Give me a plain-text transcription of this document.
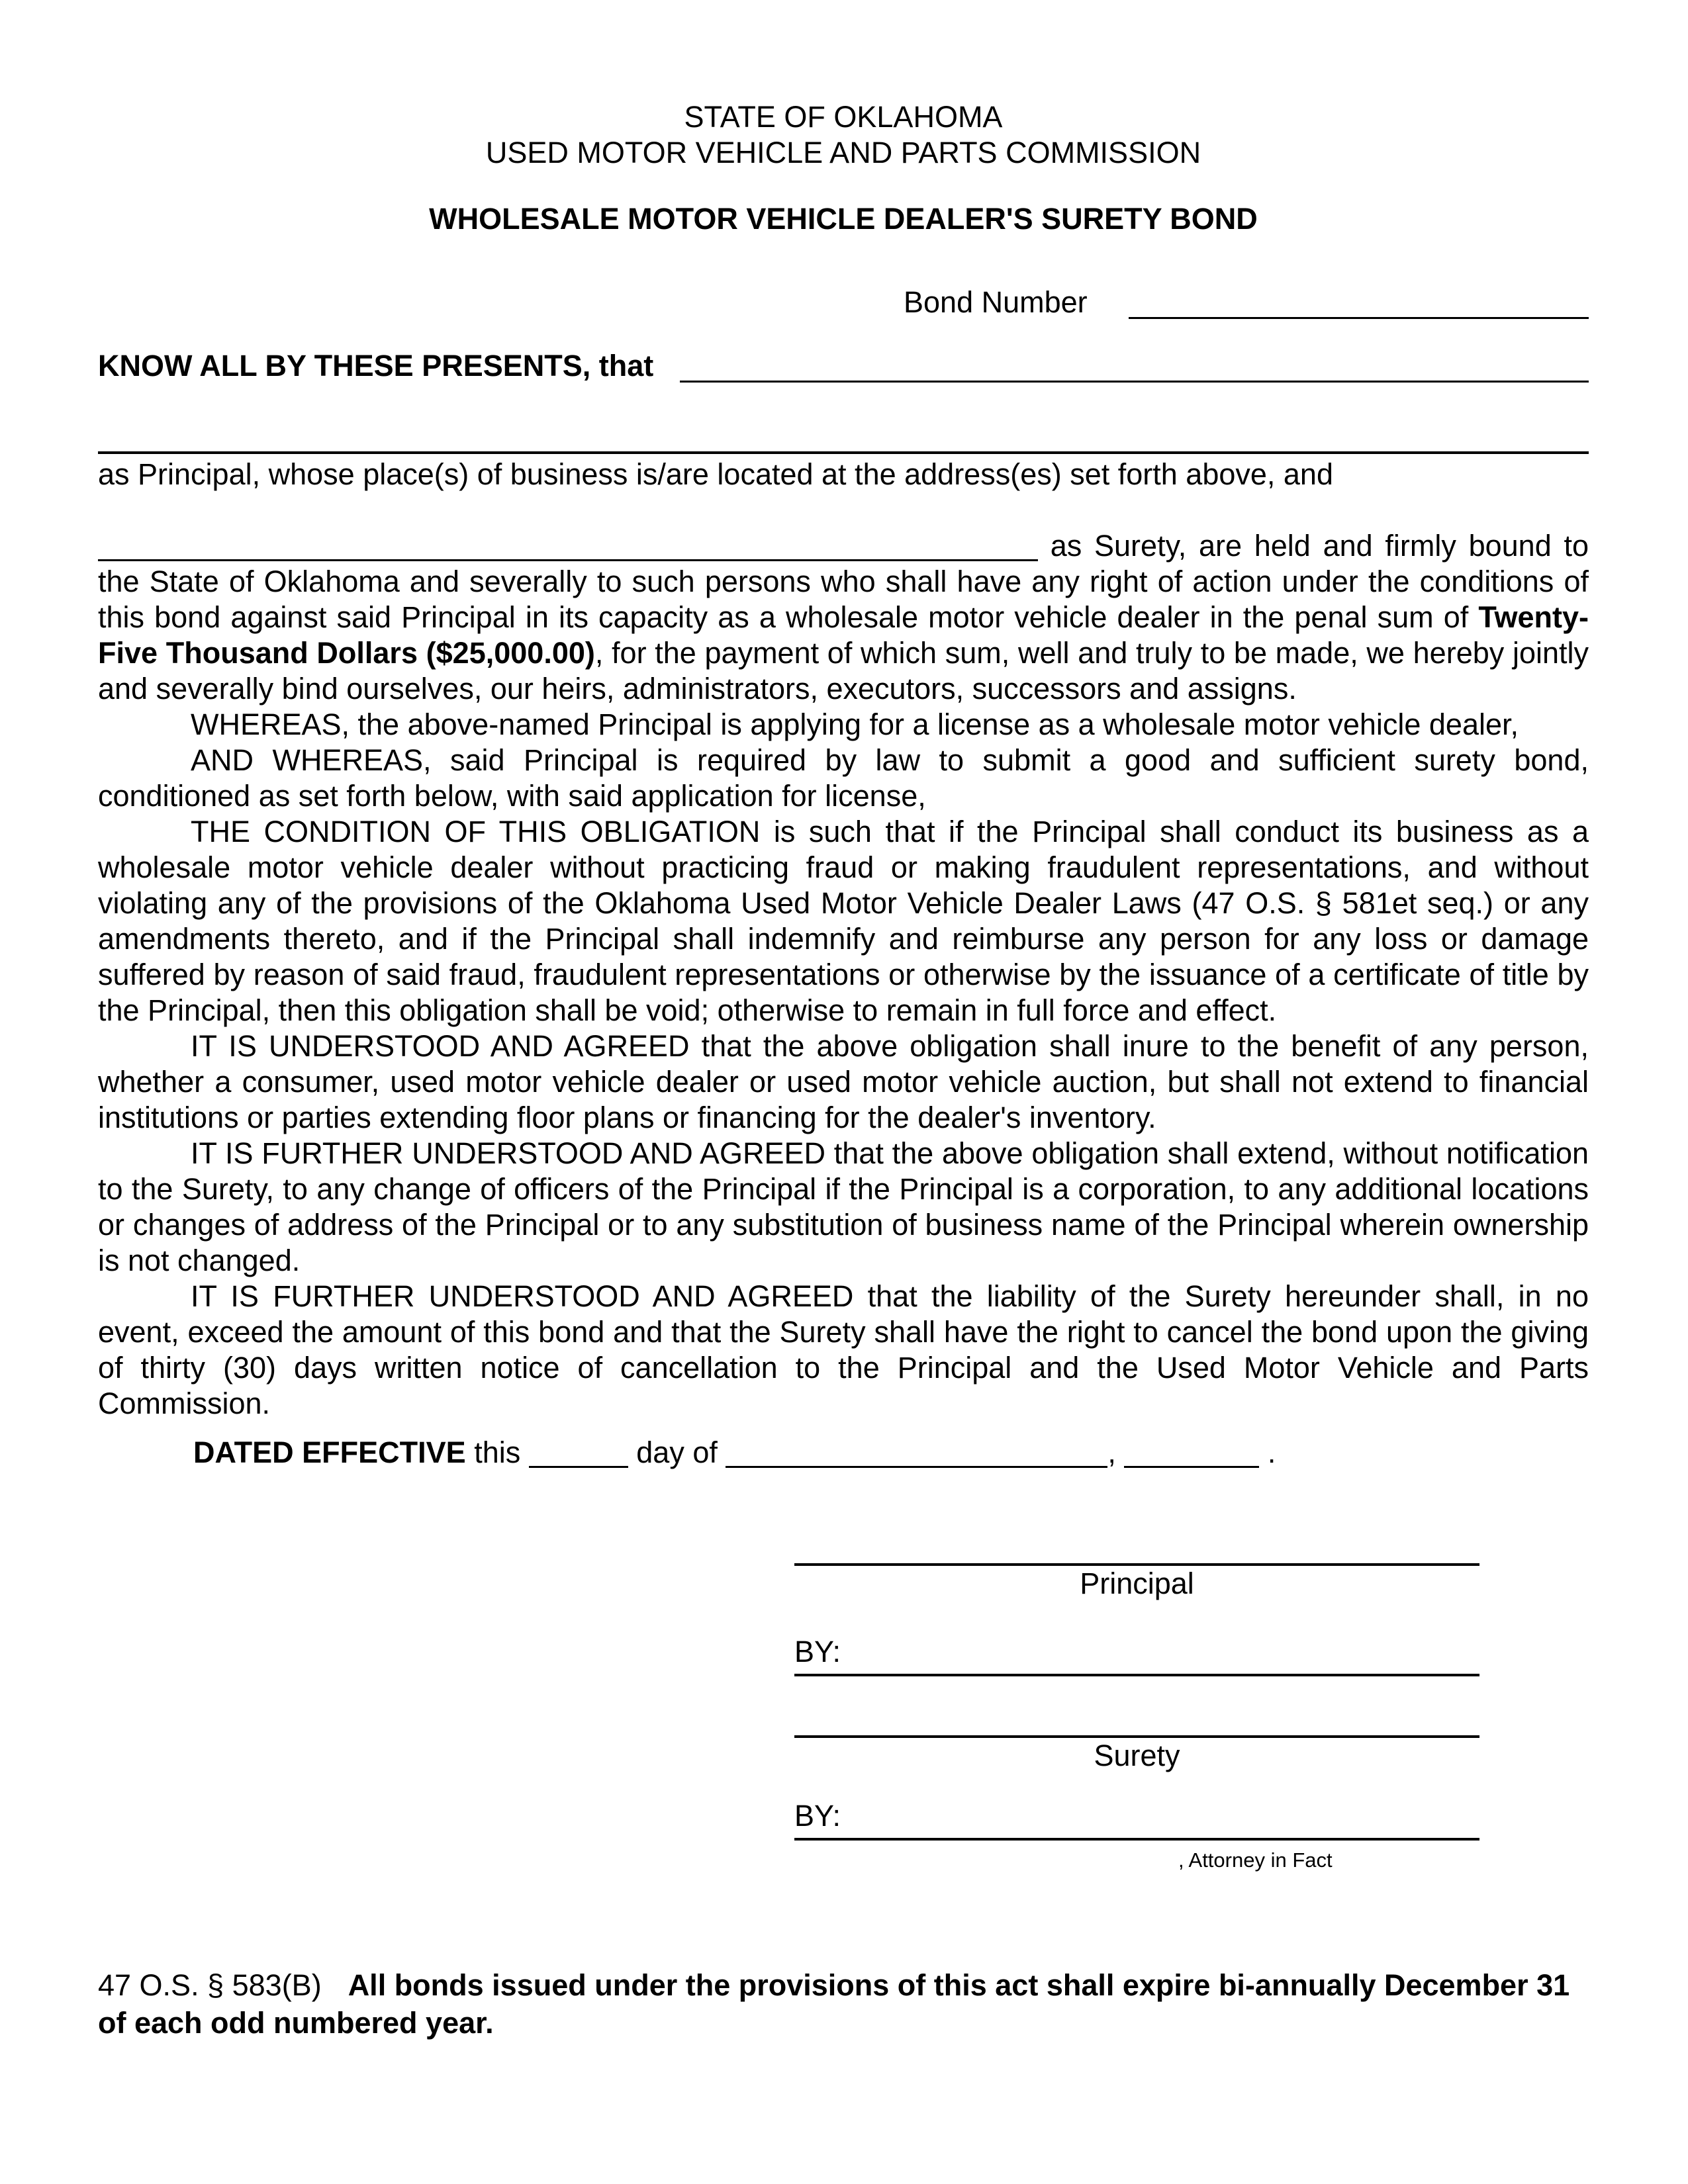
STATE OF OKLAHOMA
USED MOTOR VEHICLE AND PARTS COMMISSION
WHOLESALE MOTOR VEHICLE DEALER'S SURETY BOND
Bond Number
KNOW ALL BY THESE PRESENTS, that
as Principal, whose place(s) of business is/are located at the address(es) set forth above, and

as Surety, are held and firmly bound to the State of Oklahoma and severally to such persons who shall have any right of action under the conditions of this bond against said Principal in its capacity as a wholesale motor vehicle dealer in the penal sum of Twenty-Five Thousand Dollars ($25,000.00), for the payment of which sum, well and truly to be made, we hereby jointly and severally bind ourselves, our heirs, administrators, executors, successors and assigns.

WHEREAS, the above-named Principal is applying for a license as a wholesale motor vehicle dealer,

AND WHEREAS, said Principal is required by law to submit a good and sufficient surety bond, conditioned as set forth below, with said application for license,

THE CONDITION OF THIS OBLIGATION is such that if the Principal shall conduct its business as a wholesale motor vehicle dealer without practicing fraud or making fraudulent representations, and without violating any of the provisions of the Oklahoma Used Motor Vehicle Dealer Laws (47 O.S. § 581et seq.) or any amendments thereto, and if the Principal shall indemnify and reimburse any person for any loss or damage suffered by reason of said fraud, fraudulent representations or otherwise by the issuance of a certificate of title by the Principal, then this obligation shall be void; otherwise to remain in full force and effect.

IT IS UNDERSTOOD AND AGREED that the above obligation shall inure to the benefit of any person, whether a consumer, used motor vehicle dealer or used motor vehicle auction, but shall not extend to financial institutions or parties extending floor plans or financing for the dealer's inventory.

IT IS FURTHER UNDERSTOOD AND AGREED that the above obligation shall extend, without notification to the Surety, to any change of officers of the Principal if the Principal is a corporation, to any additional locations or changes of address of the Principal or to any substitution of business name of the Principal wherein ownership is not changed.

IT IS FURTHER UNDERSTOOD AND AGREED that the liability of the Surety hereunder shall, in no event, exceed the amount of this bond and that the Surety shall have the right to cancel the bond upon the giving of thirty (30) days written notice of cancellation to the Principal and the Used Motor Vehicle and Parts Commission.

DATED EFFECTIVE this	day of	,	.
Principal
BY:
Surety
BY:
, Attorney in Fact
47 O.S. § 583(B) All bonds issued under the provisions of this act shall expire bi-annually December 31 of each odd numbered year.
